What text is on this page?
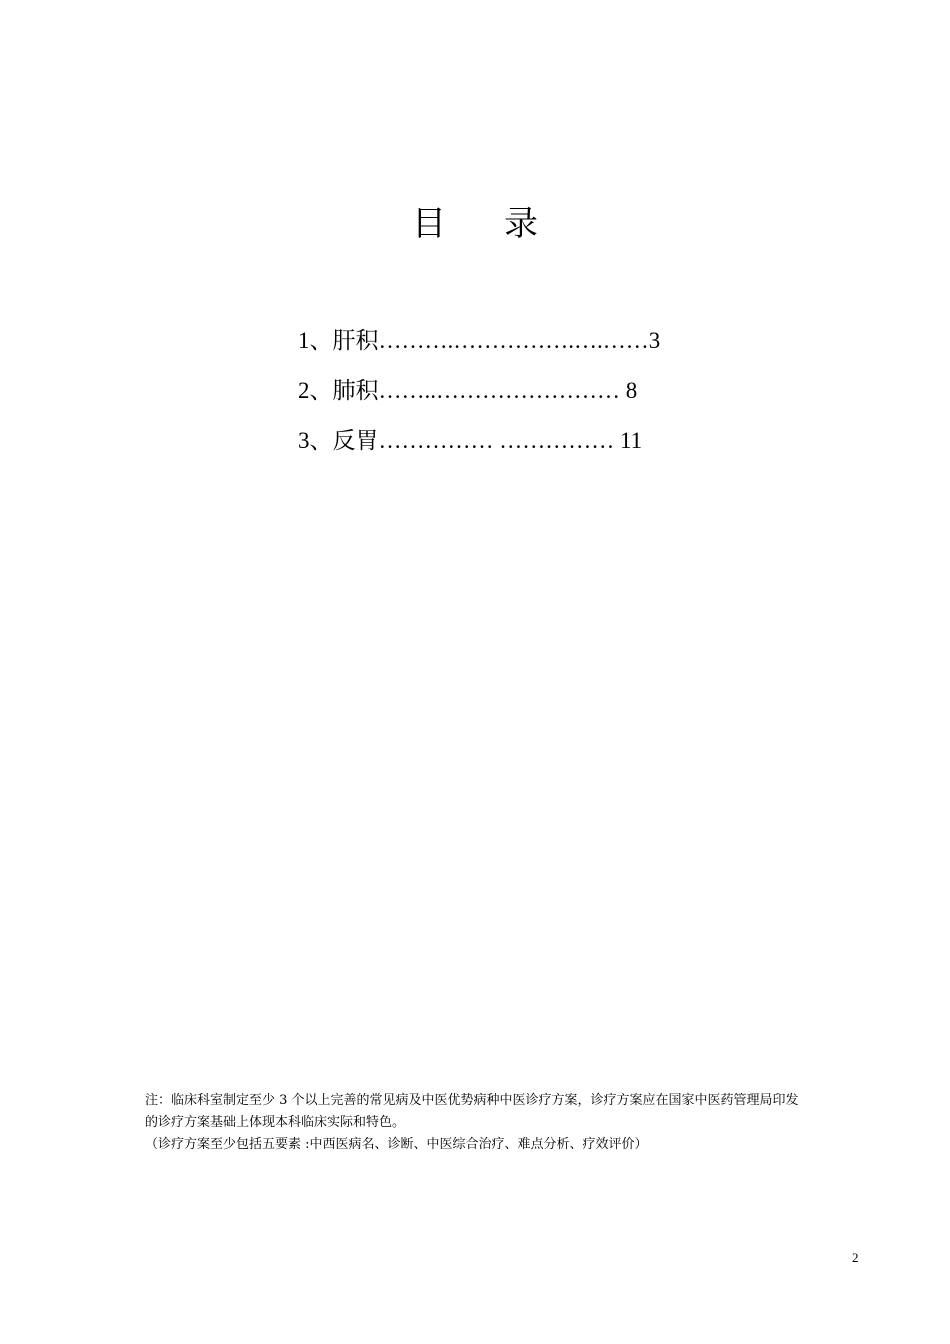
目 录
1、肝积……….…………….….……3
2、肺积……..…………………… 8
3、反胃…………… …………… 11

注：临床科室制定至少 3 个以上完善的常见病及中医优势病种中医诊疗方案，诊疗方案应在国家中医药管理局印发

的诊疗方案基础上体现本科临床实际和特色。

（诊疗方案至少包括五要素 :中西医病名、诊断、中医综合治疗、难点分析、疗效评价）

2
